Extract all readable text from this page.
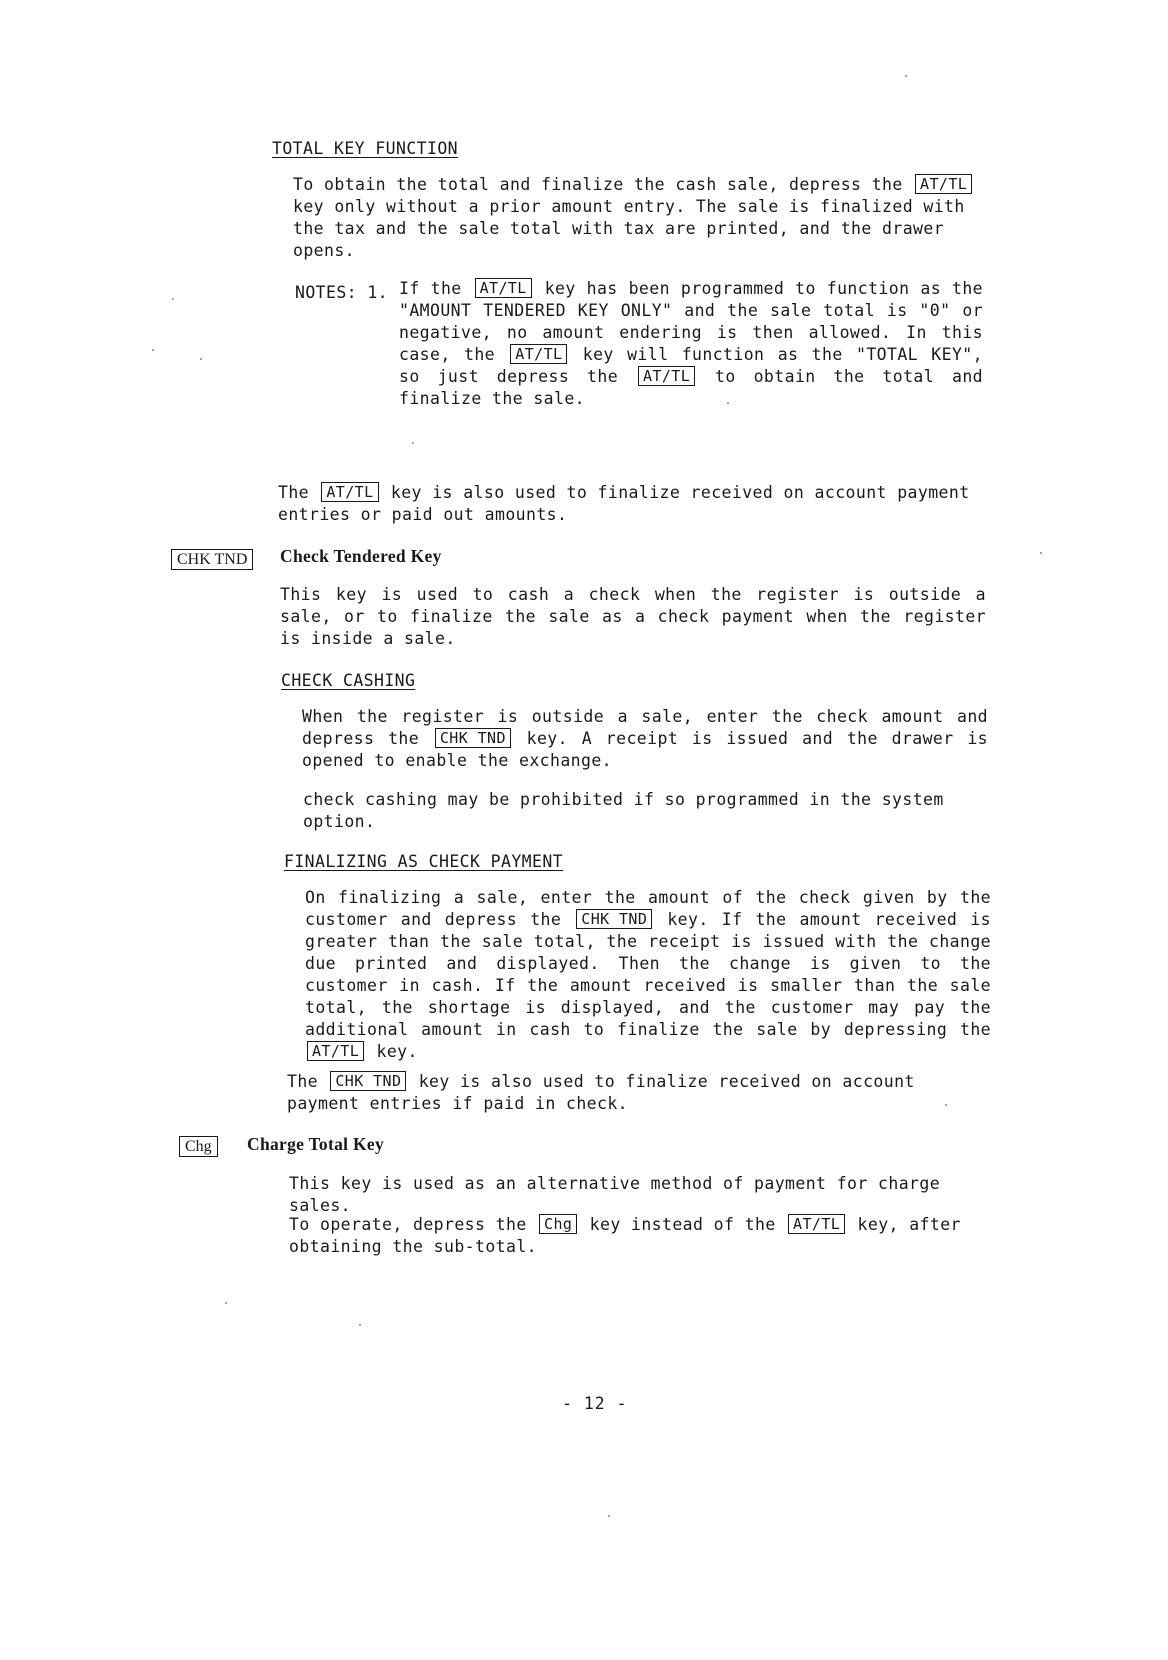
TOTAL KEY FUNCTION

To obtain the total and finalize the cash sale, depress the AT/TL key only without a prior amount entry. The sale is finalized with the tax and the sale total with tax are printed, and the drawer opens.

NOTES: 1. If the AT/TL key has been programmed to function as the "AMOUNT TENDERED KEY ONLY" and the sale total is "0" or negative, no amount endering is then allowed. In this case, the AT/TL key will function as the "TOTAL KEY", so just depress the AT/TL to obtain the total and finalize the sale.

The AT/TL key is also used to finalize received on account payment entries or paid out amounts.

CHK TND	Check Tendered Key

This key is used to cash a check when the register is outside a sale, or to finalize the sale as a check payment when the register is inside a sale.

CHECK CASHING

When the register is outside a sale, enter the check amount and depress the CHK TND key. A receipt is issued and the drawer is opened to enable the exchange.

check cashing may be prohibited if so programmed in the system option.

FINALIZING AS CHECK PAYMENT

On finalizing a sale, enter the amount of the check given by the customer and depress the CHK TND key. If the amount received is greater than the sale total, the receipt is issued with the change due printed and displayed. Then the change is given to the customer in cash. If the amount received is smaller than the sale total, the shortage is displayed, and the customer may pay the additional amount in cash to finalize the sale by depressing the AT/TL key.

The CHK TND key is also used to finalize received on account payment entries if paid in check.

Chg	Charge Total Key

This key is used as an alternative method of payment for charge sales.

To operate, depress the Chg key instead of the AT/TL key, after obtaining the sub-total.

- 12 -
